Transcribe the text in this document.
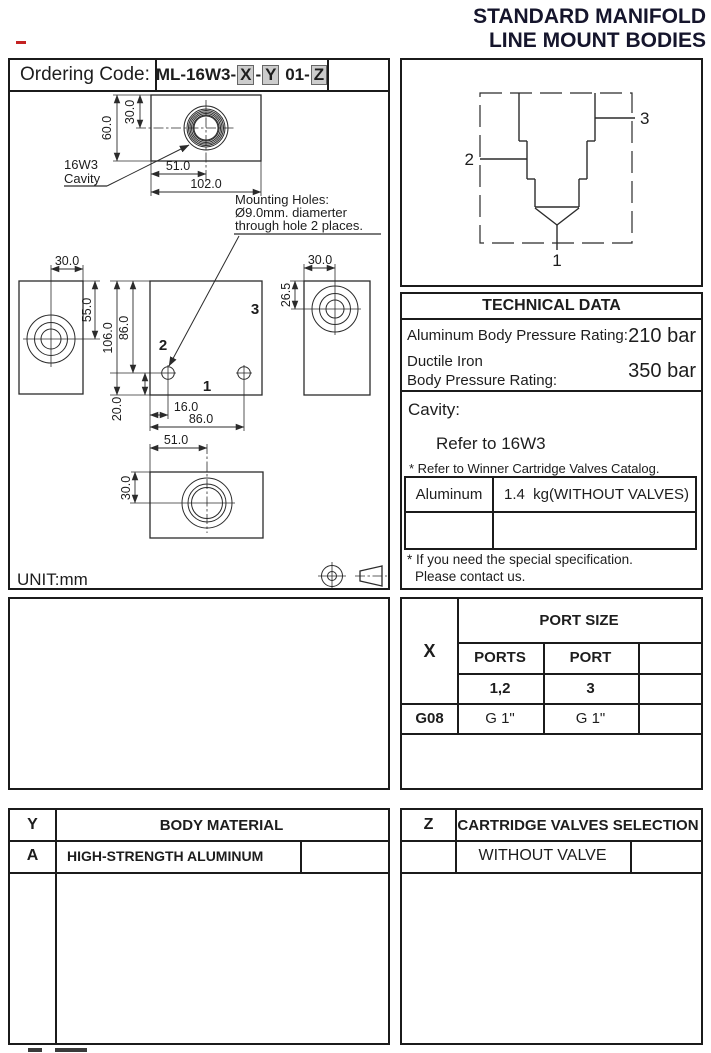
STANDARD MANIFOLD
LINE MOUNT BODIES
Ordering Code: ML-16W3- X - Y 01- Z
60.0
30.0
51.0
102.0
16W3
Cavity
Mounting Holes:
Ø9.0mm. diamerter
through hole 2 places.
30.0
55.0
2
3
1
106.0 86.0
20.0	16.0
86.0
30.0
26.5
51.0
30.0
UNIT:mm
3
2
1
TECHNICAL DATA
Aluminum Body Pressure Rating: 210 bar
Ductile Iron
Body Pressure Rating:	350 bar
Cavity:
Refer to 16W3
* Refer to Winner Cartridge Valves Catalog.
Aluminum	1.4  kg(WITHOUT VALVES)
* If you need the special specification.
Please contact us.
X
PORT SIZE
PORTS	PORT
1,2	3
G08	G 1"	G 1"
Y	BODY MATERIAL
A	HIGH-STRENGTH ALUMINUM
Z	CARTRIDGE VALVES SELECTION
WITHOUT VALVE
